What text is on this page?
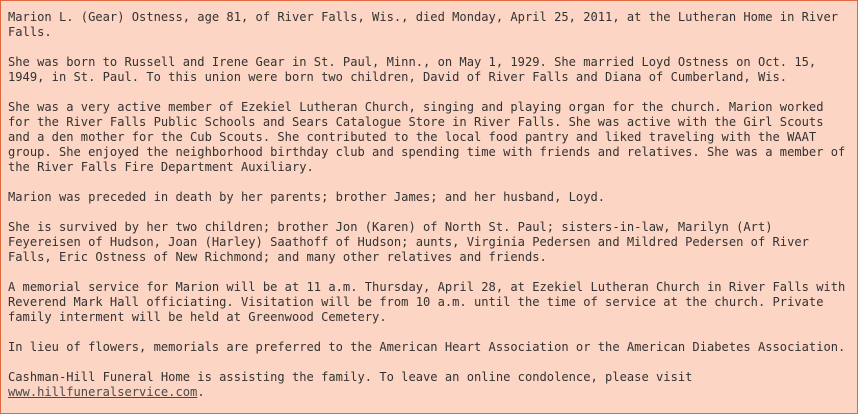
Marion L. (Gear) Ostness, age 81, of River Falls, Wis., died Monday, April 25, 2011, at the Lutheran Home in River Falls.

She was born to Russell and Irene Gear in St. Paul, Minn., on May 1, 1929. She married Loyd Ostness on Oct. 15, 1949, in St. Paul. To this union were born two children, David of River Falls and Diana of Cumberland, Wis.

She was a very active member of Ezekiel Lutheran Church, singing and playing organ for the church. Marion worked for the River Falls Public Schools and Sears Catalogue Store in River Falls. She was active with the Girl Scouts and a den mother for the Cub Scouts. She contributed to the local food pantry and liked traveling with the WAAT group. She enjoyed the neighborhood birthday club and spending time with friends and relatives. She was a member of the River Falls Fire Department Auxiliary.

Marion was preceded in death by her parents; brother James; and her husband, Loyd.

She is survived by her two children; brother Jon (Karen) of North St. Paul; sisters-in-law, Marilyn (Art) Feyereisen of Hudson, Joan (Harley) Saathoff of Hudson; aunts, Virginia Pedersen and Mildred Pedersen of River Falls, Eric Ostness of New Richmond; and many other relatives and friends.

A memorial service for Marion will be at 11 a.m. Thursday, April 28, at Ezekiel Lutheran Church in River Falls with Reverend Mark Hall officiating. Visitation will be from 10 a.m. until the time of service at the church. Private family interment will be held at Greenwood Cemetery.

In lieu of flowers, memorials are preferred to the American Heart Association or the American Diabetes Association.

Cashman-Hill Funeral Home is assisting the family. To leave an online condolence, please visit www.hillfuneralservice.com.
